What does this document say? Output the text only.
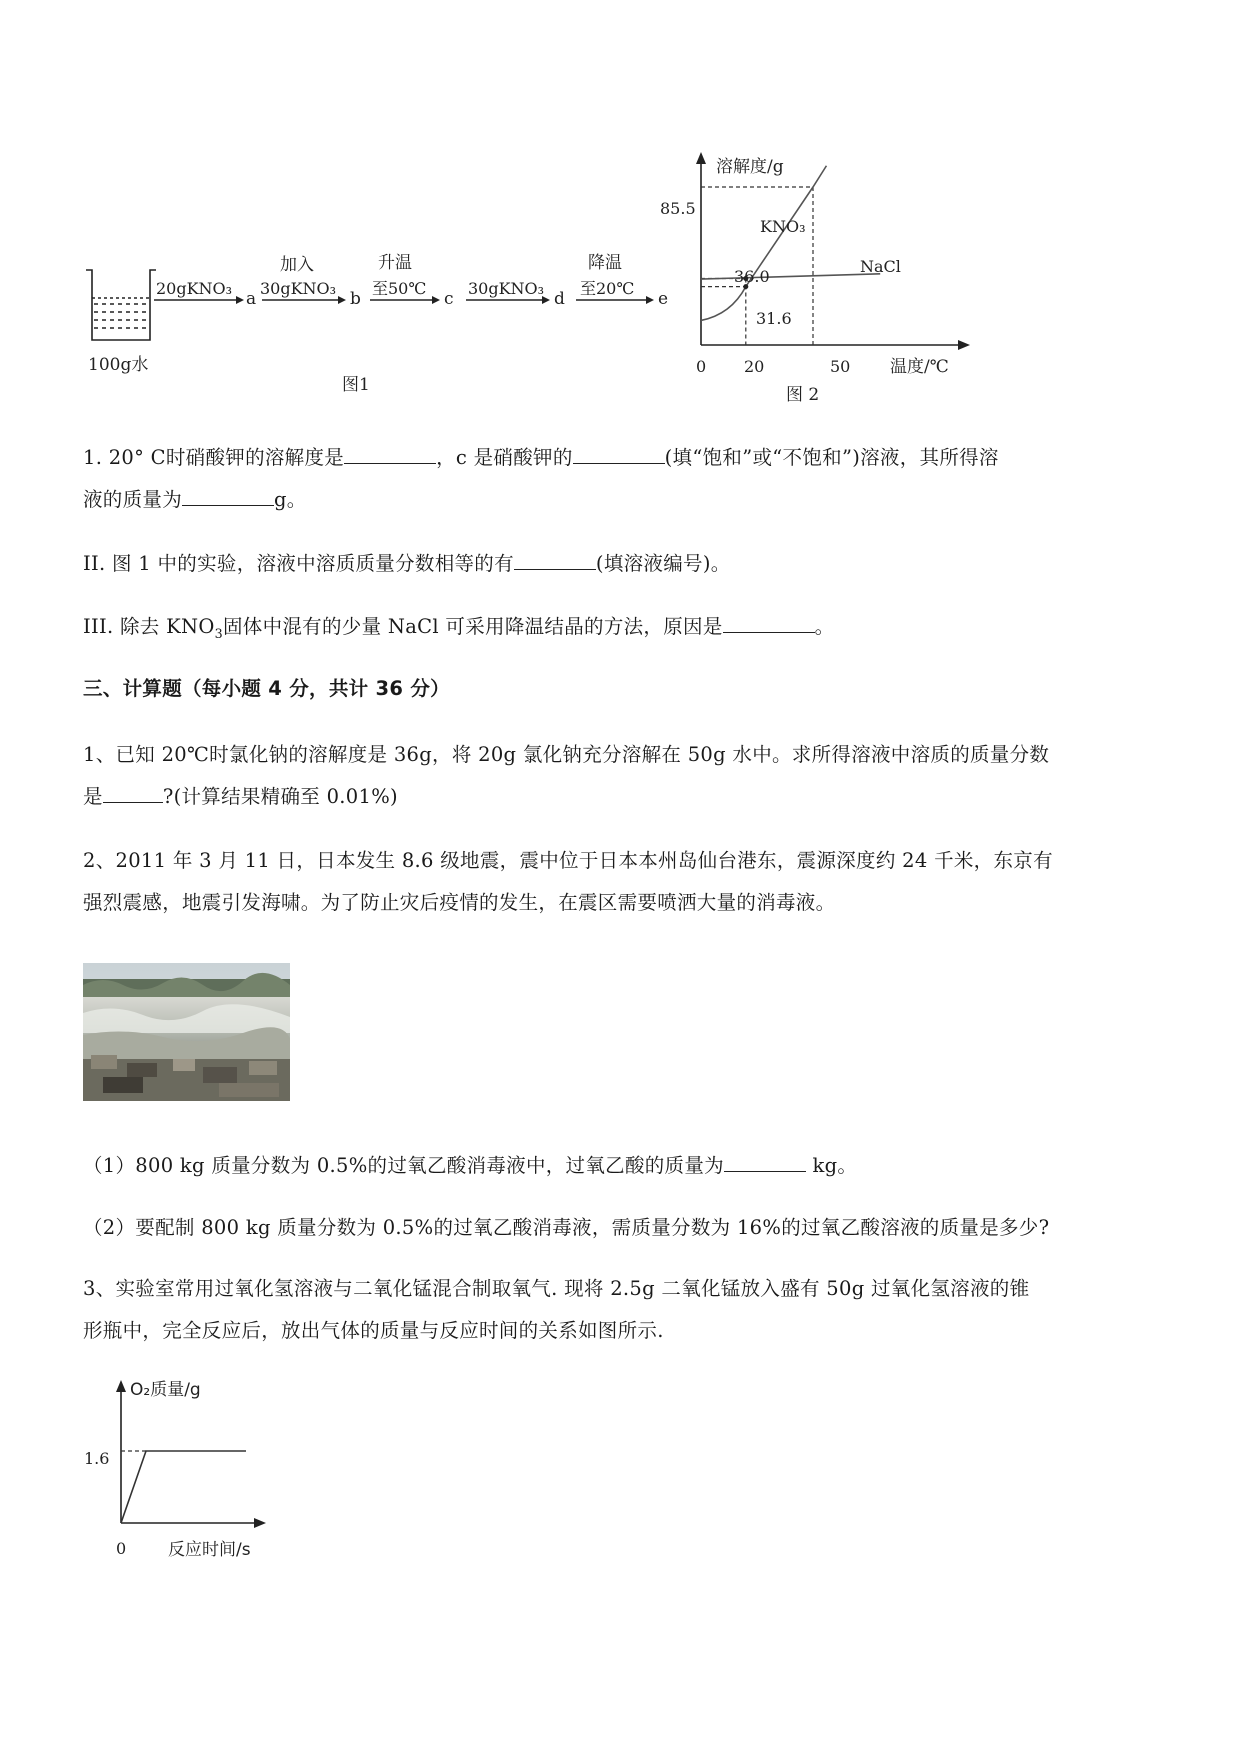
100g水
20gKNO₃
a
加入
30gKNO₃
b
升温
至50℃
c
30gKNO₃
d
降温
至20℃
e
图1
溶解度/g
温度/℃
0 20	50
85.5
36.0
31.6
KNO₃
NaCl
图 2
1. 20° C时硝酸钾的溶解度是	，c 是硝酸钾的	(填“饱和”或“不饱和”)溶液，其所得溶
液的质量为	g。
II. 图 1 中的实验，溶液中溶质质量分数相等的有	(填溶液编号)。
III. 除去 $KNO_3$固体中混有的少量 NaCl 可采用降温结晶的方法，原因是	。
三、计算题（每小题 4 分，共计 36 分）
1、已知 20℃时氯化钠的溶解度是 36g，将 20g 氯化钠充分溶解在 50g 水中。求所得溶液中溶质的质量分数
是	?(计算结果精确至 0.01%)
2、2011 年 3 月 11 日，日本发生 8.6 级地震，震中位于日本本州岛仙台港东，震源深度约 24 千米，东京有
强烈震感，地震引发海啸。为了防止灾后疫情的发生，在震区需要喷洒大量的消毒液。
（1）800 kg 质量分数为 0.5%的过氧乙酸消毒液中，过氧乙酸的质量为	kg。
（2）要配制 800 kg 质量分数为 0.5%的过氧乙酸消毒液，需质量分数为 16%的过氧乙酸溶液的质量是多少?
3、实验室常用过氧化氢溶液与二氧化锰混合制取氧气. 现将 2.5g 二氧化锰放入盛有 50g 过氧化氢溶液的锥
形瓶中，完全反应后，放出气体的质量与反应时间的关系如图所示.
O₂质量/g
反应时间/s
1.6
0
